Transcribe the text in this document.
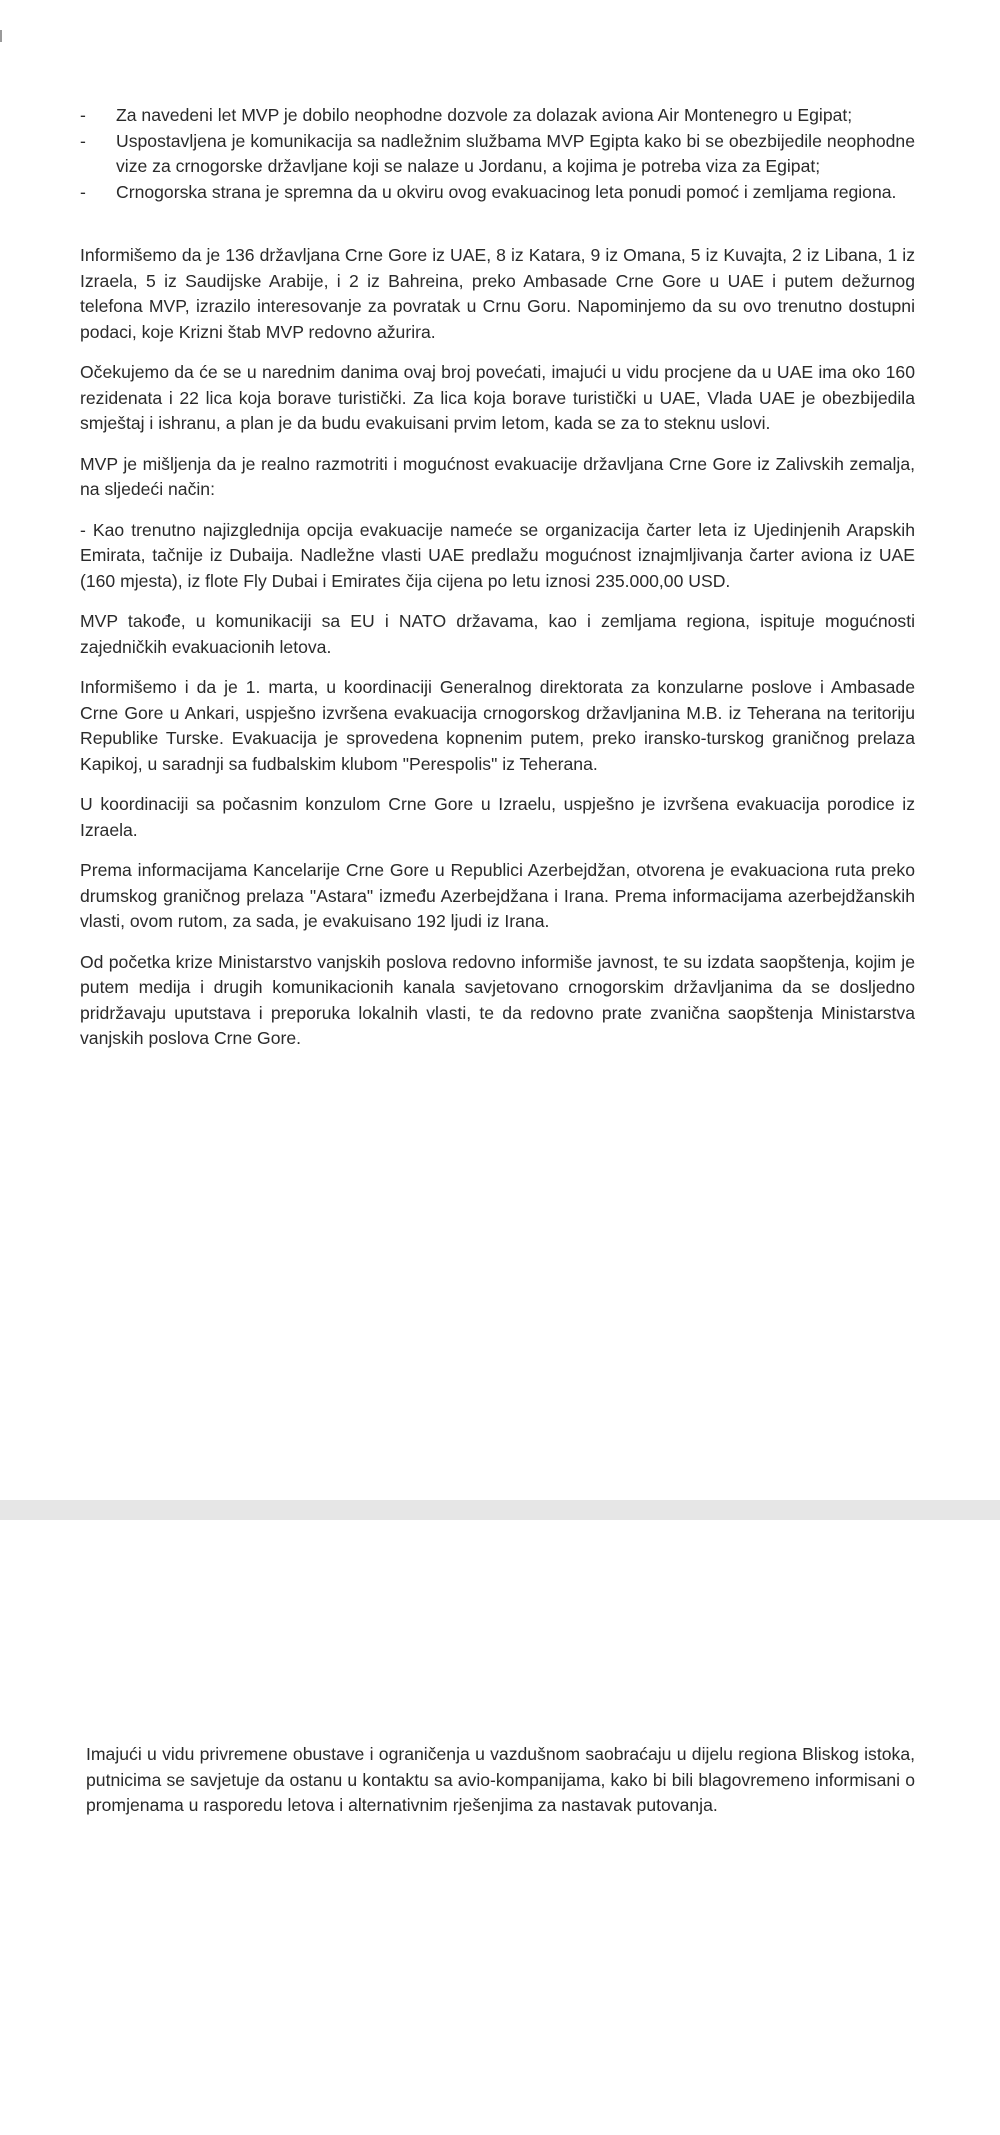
- Za navedeni let MVP je dobilo neophodne dozvole za dolazak aviona Air Montenegro u Egipat;
- Uspostavljena je komunikacija sa nadležnim službama MVP Egipta kako bi se obezbijedile neophodne vize za crnogorske državljane koji se nalaze u Jordanu, a kojima je potreba viza za Egipat;
- Crnogorska strana je spremna da u okviru ovog evakuacinog leta ponudi pomoć i zemljama regiona.

Informišemo da je 136 državljana Crne Gore iz UAE, 8 iz Katara, 9 iz Omana, 5 iz Kuvajta, 2 iz Libana, 1 iz Izraela, 5 iz Saudijske Arabije, i 2 iz Bahreina, preko Ambasade Crne Gore u UAE i putem dežurnog telefona MVP, izrazilo interesovanje za povratak u Crnu Goru. Napominjemo da su ovo trenutno dostupni podaci, koje Krizni štab MVP redovno ažurira.

Očekujemo da će se u narednim danima ovaj broj povećati, imajući u vidu procjene da u UAE ima oko 160 rezidenata i 22 lica koja borave turistički. Za lica koja borave turistički u UAE, Vlada UAE je obezbijedila smještaj i ishranu, a plan je da budu evakuisani prvim letom, kada se za to steknu uslovi.

MVP je mišljenja da je realno razmotriti i mogućnost evakuacije državljana Crne Gore iz Zalivskih zemalja, na sljedeći način:

- Kao trenutno najizglednija opcija evakuacije nameće se organizacija čarter leta iz Ujedinjenih Arapskih Emirata, tačnije iz Dubaija. Nadležne vlasti UAE predlažu mogućnost iznajmljivanja čarter aviona iz UAE (160 mjesta), iz flote Fly Dubai i Emirates čija cijena po letu iznosi 235.000,00 USD.

MVP takođe, u komunikaciji sa EU i NATO državama, kao i zemljama regiona, ispituje mogućnosti zajedničkih evakuacionih letova.

Informišemo i da je 1. marta, u koordinaciji Generalnog direktorata za konzularne poslove i Ambasade Crne Gore u Ankari, uspješno izvršena evakuacija crnogorskog državljanina M.B. iz Teherana na teritoriju Republike Turske. Evakuacija je sprovedena kopnenim putem, preko iransko-turskog graničnog prelaza Kapikoj, u saradnji sa fudbalskim klubom "Perespolis" iz Teherana.

U koordinaciji sa počasnim konzulom Crne Gore u Izraelu, uspješno je izvršena evakuacija porodice iz Izraela.

Prema informacijama Kancelarije Crne Gore u Republici Azerbejdžan, otvorena je evakuaciona ruta preko drumskog graničnog prelaza "Astara" između Azerbejdžana i Irana. Prema informacijama azerbejdžanskih vlasti, ovom rutom, za sada, je evakuisano 192 ljudi iz Irana.

Od početka krize Ministarstvo vanjskih poslova redovno informiše javnost, te su izdata saopštenja, kojim je putem medija i drugih komunikacionih kanala savjetovano crnogorskim državljanima da se dosljedno pridržavaju uputstava i preporuka lokalnih vlasti, te da redovno prate zvanična saopštenja Ministarstva vanjskih poslova Crne Gore.

Imajući u vidu privremene obustave i ograničenja u vazdušnom saobraćaju u dijelu regiona Bliskog istoka, putnicima se savjetuje da ostanu u kontaktu sa avio-kompanijama, kako bi bili blagovremeno informisani o promjenama u rasporedu letova i alternativnim rješenjima za nastavak putovanja.
